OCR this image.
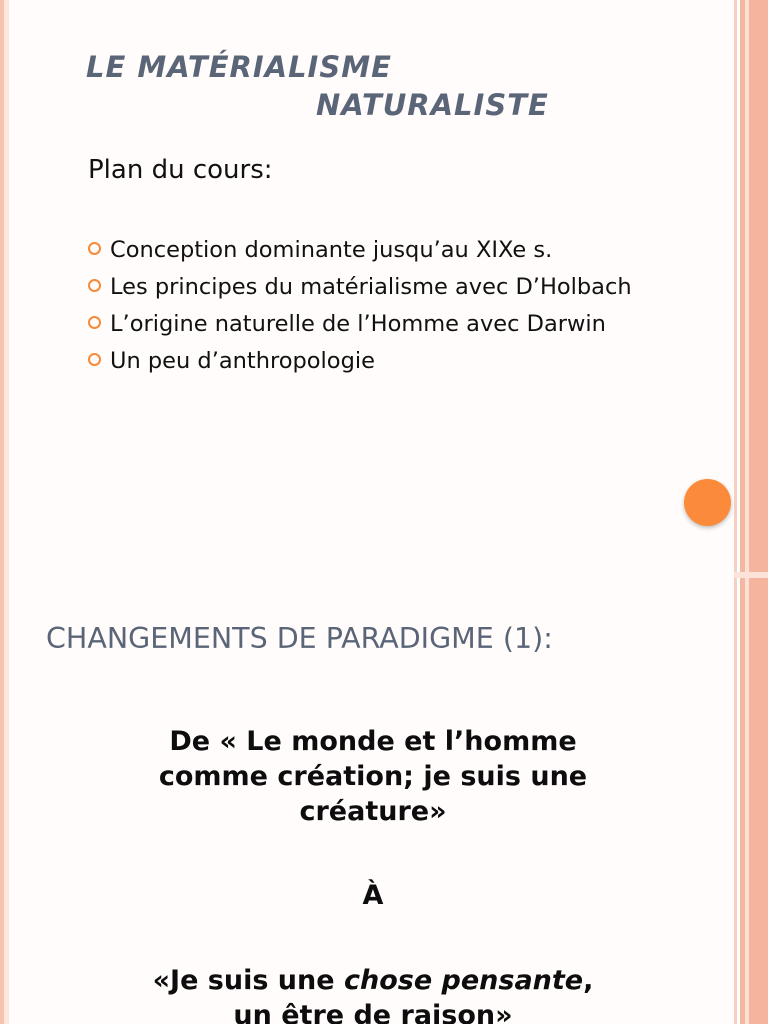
LE MATÉRIALISME
NATURALISTE

Plan du cours:

Conception dominante jusqu’au XIXe s.
Les principes du matérialisme avec D’Holbach
L’origine naturelle de l’Homme avec Darwin
Un peu d’anthropologie
CHANGEMENTS DE PARADIGME (1):

De « Le monde et l’homme
comme création; je suis une
créature»

À

«Je suis une chose pensante,
un être de raison»
